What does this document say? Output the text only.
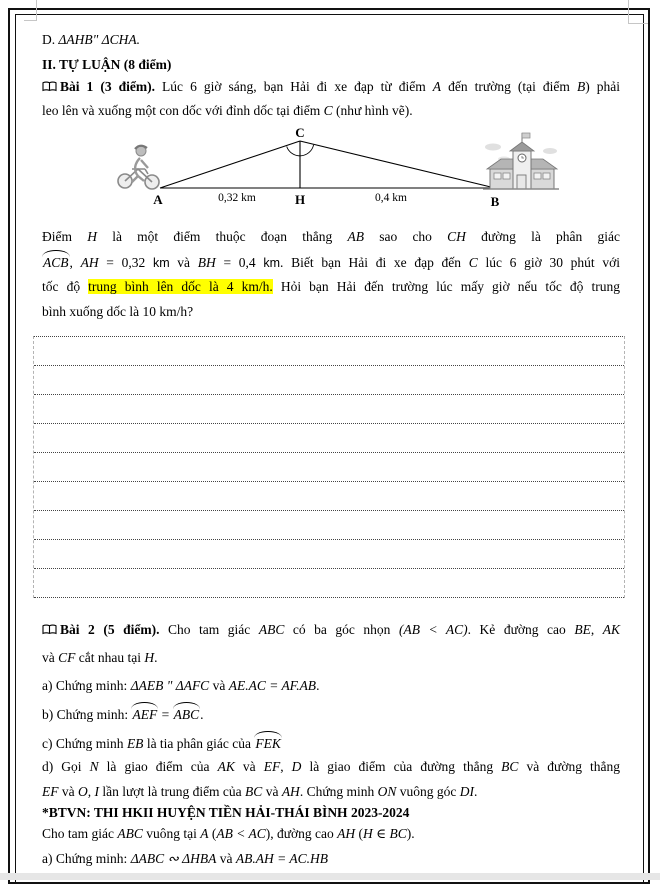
D. ΔAHB" ΔCHA.
II. TỰ LUẬN (8 điểm)
Bài 1 (3 điểm). Lúc 6 giờ sáng, bạn Hải đi xe đạp từ điểm A đến trường (tại điểm B) phải
leo lên và xuống một con dốc với đỉnh dốc tại điểm C (như hình vẽ).
A	H	B
C
0,32 km	0,4 km
Điểm H là một điểm thuộc đoạn thẳng AB sao cho CH đường là phân giác
ACB, AH = 0,32 km và BH = 0,4 km. Biết bạn Hải đi xe đạp đến C lúc 6 giờ 30 phút với
tốc độ trung bình lên dốc là 4 km/h. Hỏi bạn Hải đến trường lúc mấy giờ nếu tốc độ trung
bình xuống dốc là 10 km/h?
Bài 2 (5 điểm). Cho tam giác ABC có ba góc nhọn (AB < AC). Kẻ đường cao BE, AK
và CF cắt nhau tại H.
a) Chứng minh: ΔAEB " ΔAFC và AE.AC = AF.AB.
b) Chứng minh: AEF = ABC.
c) Chứng minh EB là tia phân giác của FEK
d) Gọi N là giao điểm của AK và EF, D là giao điểm của đường thẳng BC và đường thẳng
EF và O, I lần lượt là trung điểm của BC và AH. Chứng minh ON vuông góc DI.
*BTVN: THI HKII HUYỆN TIỀN HẢI-THÁI BÌNH 2023-2024
Cho tam giác ABC vuông tại A (AB < AC), đường cao AH (H ∈ BC).
a) Chứng minh: ΔABC ∾ ΔHBA và AB.AH = AC.HB
